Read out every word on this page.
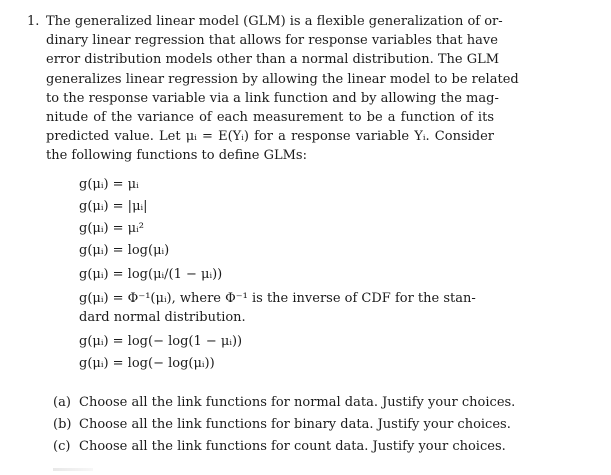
1. The generalized linear model (GLM) is a flexible generalization of or-
dinary linear regression that allows for response variables that have
error distribution models other than a normal distribution. The GLM
generalizes linear regression by allowing the linear model to be related
to the response variable via a link function and by allowing the mag-
nitude of the variance of each measurement to be a function of its
predicted value. Let μᵢ = E(Yᵢ) for a response variable Yᵢ. Consider
the following functions to define GLMs:
g(μᵢ) = μᵢ
g(μᵢ) = |μᵢ|
g(μᵢ) = μᵢ²
g(μᵢ) = log(μᵢ)
g(μᵢ) = log(μᵢ/(1 − μᵢ))
g(μᵢ) = Φ⁻¹(μᵢ), where Φ⁻¹ is the inverse of CDF for the stan-
dard normal distribution.
g(μᵢ) = log(− log(1 − μᵢ))
g(μᵢ) = log(− log(μᵢ))
(a) Choose all the link functions for normal data. Justify your choices.
(b) Choose all the link functions for binary data. Justify your choices.
(c) Choose all the link functions for count data. Justify your choices.
